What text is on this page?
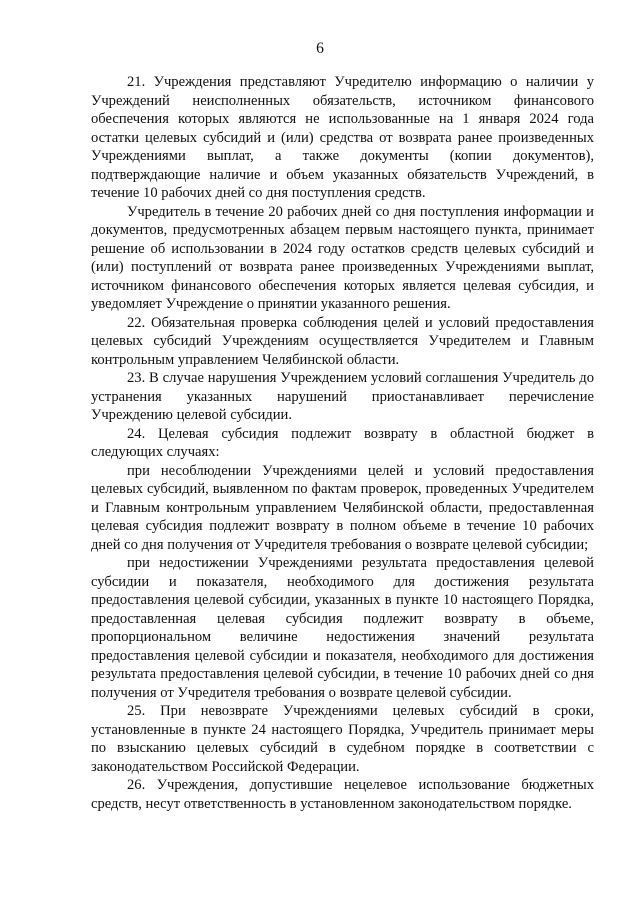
6

21. Учреждения представляют Учредителю информацию о наличии у Учреждений неисполненных обязательств, источником финансового обеспечения которых являются не использованные на 1 января 2024 года остатки целевых субсидий и (или) средства от возврата ранее произведенных Учреждениями выплат, а также документы (копии документов), подтверждающие наличие и объем указанных обязательств Учреждений, в течение 10 рабочих дней со дня поступления средств.

Учредитель в течение 20 рабочих дней со дня поступления информации и документов, предусмотренных абзацем первым настоящего пункта, принимает решение об использовании в 2024 году остатков средств целевых субсидий и (или) поступлений от возврата ранее произведенных Учреждениями выплат, источником финансового обеспечения которых является целевая субсидия, и уведомляет Учреждение о принятии указанного решения.

22. Обязательная проверка соблюдения целей и условий предоставления целевых субсидий Учреждениям осуществляется Учредителем и Главным контрольным управлением Челябинской области.

23. В случае нарушения Учреждением условий соглашения Учредитель до устранения указанных нарушений приостанавливает перечисление Учреждению целевой субсидии.

24. Целевая субсидия подлежит возврату в областной бюджет в следующих случаях:

при несоблюдении Учреждениями целей и условий предоставления целевых субсидий, выявленном по фактам проверок, проведенных Учредителем и Главным контрольным управлением Челябинской области, предоставленная целевая субсидия подлежит возврату в полном объеме в течение 10 рабочих дней со дня получения от Учредителя требования о возврате целевой субсидии;

при недостижении Учреждениями результата предоставления целевой субсидии и показателя, необходимого для достижения результата предоставления целевой субсидии, указанных в пункте 10 настоящего Порядка, предоставленная целевая субсидия подлежит возврату в объеме, пропорциональном величине недостижения значений результата предоставления целевой субсидии и показателя, необходимого для достижения результата предоставления целевой субсидии, в течение 10 рабочих дней со дня получения от Учредителя требования о возврате целевой субсидии.

25. При невозврате Учреждениями целевых субсидий в сроки, установленные в пункте 24 настоящего Порядка, Учредитель принимает меры по взысканию целевых субсидий в судебном порядке в соответствии с законодательством Российской Федерации.

26. Учреждения, допустившие нецелевое использование бюджетных средств, несут ответственность в установленном законодательством порядке.
